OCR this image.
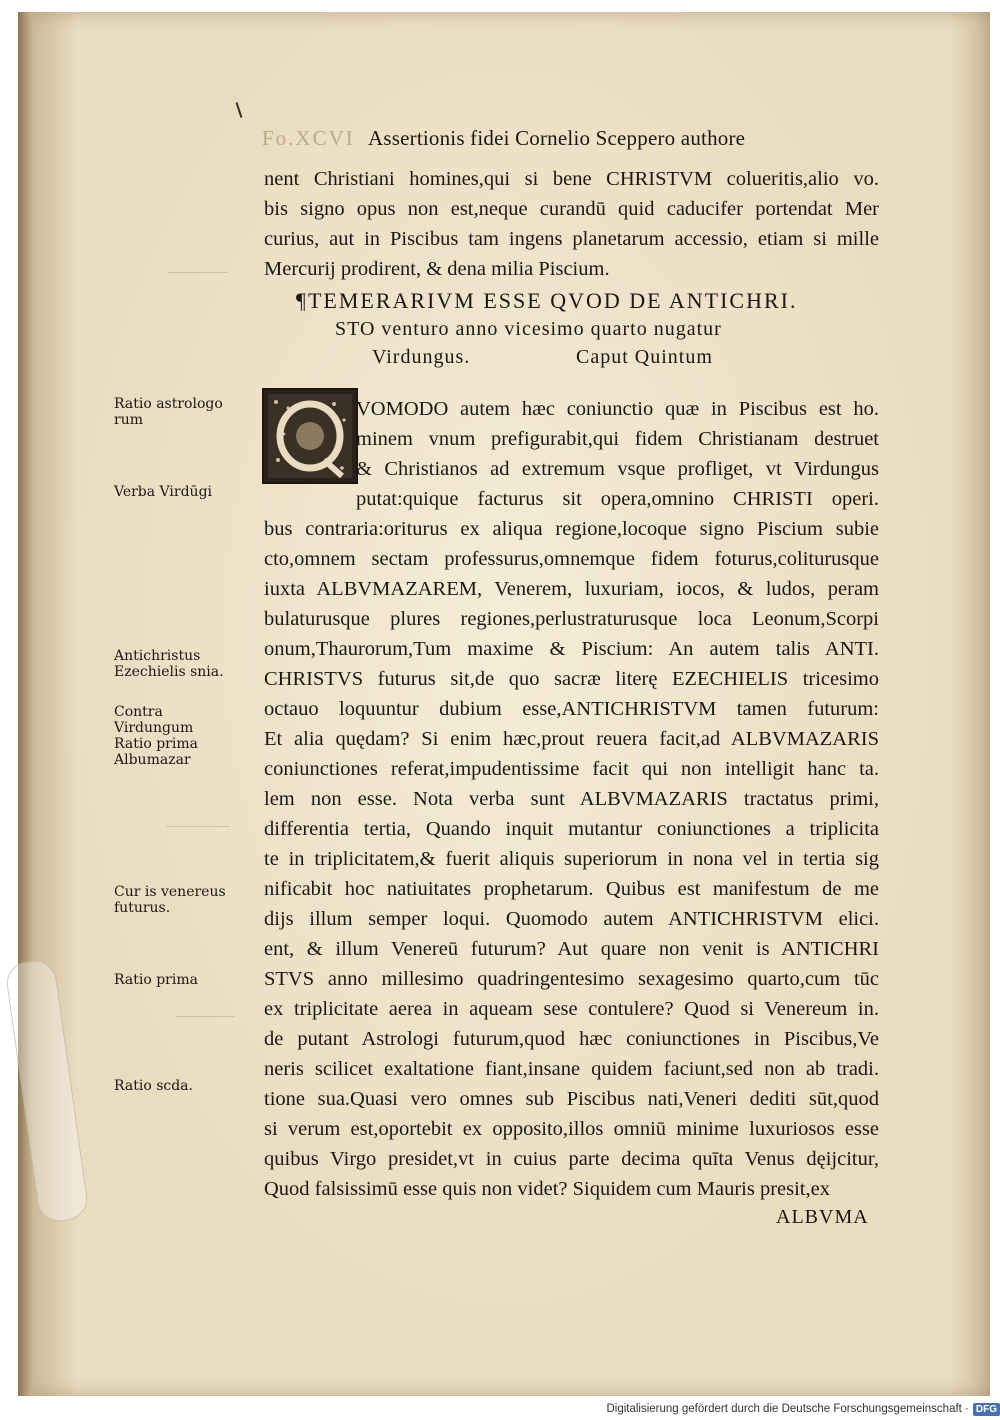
Fo.XCVI Assertionis fidei Cornelio Sceppero authore
nent Christiani homines,qui si bene CHRISTVM colueritis,alio vo.
bis signo opus non est,neque curandū quid caducifer portendat Mer
curius, aut in Piscibus tam ingens planetarum accessio, etiam si mille
Mercurij prodirent, & dena milia Piscium.
¶TEMERARIVM ESSE QVOD DE ANTICHRI.
STO venturo anno vicesimo quarto nugatur
Virdungus.	Caput Quintum
VOMODO autem hæc coniunctio quæ in Piscibus est ho.
minem vnum prefigurabit,qui fidem Christianam destruet
& Christianos ad extremum vsque profliget, vt Virdungus
putat:quique facturus sit opera,omnino CHRISTI operi.
bus contraria:oriturus ex aliqua regione,locoque signo Piscium subie
cto,omnem sectam professurus,omnemque fidem foturus,coliturusque
iuxta ALBVMAZAREM, Venerem, luxuriam, iocos, & ludos, peram
bulaturusque plures regiones,perlustraturusque loca Leonum,Scorpi
onum,Thaurorum,Tum maxime & Piscium: An autem talis ANTI.
CHRISTVS futurus sit,de quo sacræ literę EZECHIELIS tricesimo
octauo loquuntur dubium esse,ANTICHRISTVM tamen futurum:
Et alia quędam? Si enim hæc,prout reuera facit,ad ALBVMAZARIS
coniunctiones referat,impudentissime facit qui non intelligit hanc ta.
lem non esse. Nota verba sunt ALBVMAZARIS tractatus primi,
differentia tertia, Quando inquit mutantur coniunctiones a triplicita
te in triplicitatem,& fuerit aliquis superiorum in nona vel in tertia sig
nificabit hoc natiuitates prophetarum. Quibus est manifestum de me
dijs illum semper loqui. Quomodo autem ANTICHRISTVM elici.
ent, & illum Venereū futurum? Aut quare non venit is ANTICHRI
STVS anno millesimo quadringentesimo sexagesimo quarto,cum tūc
ex triplicitate aerea in aqueam sese contulere? Quod si Venereum in.
de putant Astrologi futurum,quod hæc coniunctiones in Piscibus,Ve
neris scilicet exaltatione fiant,insane quidem faciunt,sed non ab tradi.
tione sua.Quasi vero omnes sub Piscibus nati,Veneri dediti sūt,quod
si verum est,oportebit ex opposito,illos omniū minime luxuriosos esse
quibus Virgo presidet,vt in cuius parte decima quīta Venus dęijcitur,
Quod falsissimū esse quis non videt? Siquidem cum Mauris presit,ex
ALBVMA
Ratio astrologo rum
Verba Virdūgi
Antichristus Ezechielis snia.
Contra Virdungum
Ratio prima Albumazar
Cur is venereus futurus.
Ratio prima
Ratio scda.
Digitalisierung gefördert durch die Deutsche Forschungsgemeinschaft · DFG
